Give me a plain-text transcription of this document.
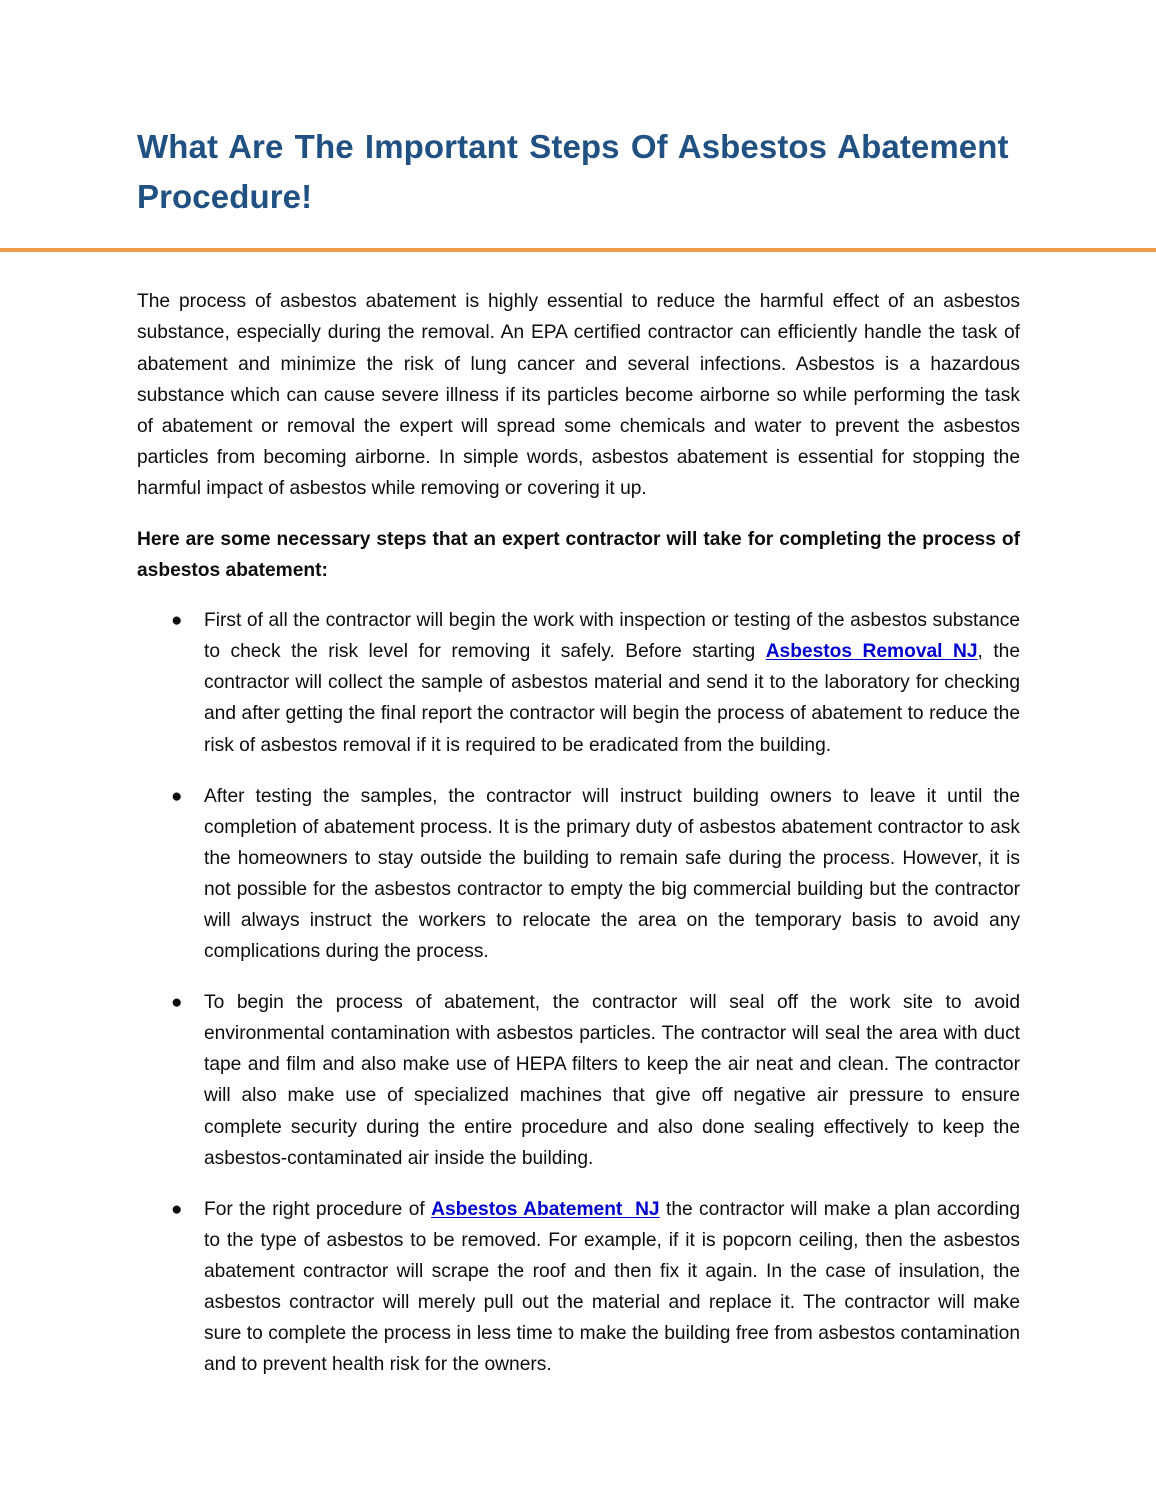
What Are The Important Steps Of Asbestos Abatement Procedure!

The process of asbestos abatement is highly essential to reduce the harmful effect of an asbestos substance, especially during the removal. An EPA certified contractor can efficiently handle the task of abatement and minimize the risk of lung cancer and several infections. Asbestos is a hazardous substance which can cause severe illness if its particles become airborne so while performing the task of abatement or removal the expert will spread some chemicals and water to prevent the asbestos particles from becoming airborne. In simple words, asbestos abatement is essential for stopping the harmful impact of asbestos while removing or covering it up.

Here are some necessary steps that an expert contractor will take for completing the process of asbestos abatement:

● First of all the contractor will begin the work with inspection or testing of the asbestos substance to check the risk level for removing it safely. Before starting Asbestos Removal NJ, the contractor will collect the sample of asbestos material and send it to the laboratory for checking and after getting the final report the contractor will begin the process of abatement to reduce the risk of asbestos removal if it is required to be eradicated from the building.
● After testing the samples, the contractor will instruct building owners to leave it until the completion of abatement process. It is the primary duty of asbestos abatement contractor to ask the homeowners to stay outside the building to remain safe during the process. However, it is not possible for the asbestos contractor to empty the big commercial building but the contractor will always instruct the workers to relocate the area on the temporary basis to avoid any complications during the process.
● To begin the process of abatement, the contractor will seal off the work site to avoid environmental contamination with asbestos particles. The contractor will seal the area with duct tape and film and also make use of HEPA filters to keep the air neat and clean. The contractor will also make use of specialized machines that give off negative air pressure to ensure complete security during the entire procedure and also done sealing effectively to keep the asbestos-contaminated air inside the building.
● For the right procedure of Asbestos Abatement  NJ the contractor will make a plan according to the type of asbestos to be removed. For example, if it is popcorn ceiling, then the asbestos abatement contractor will scrape the roof and then fix it again. In the case of insulation, the asbestos contractor will merely pull out the material and replace it. The contractor will make sure to complete the process in less time to make the building free from asbestos contamination and to prevent health risk for the owners.
